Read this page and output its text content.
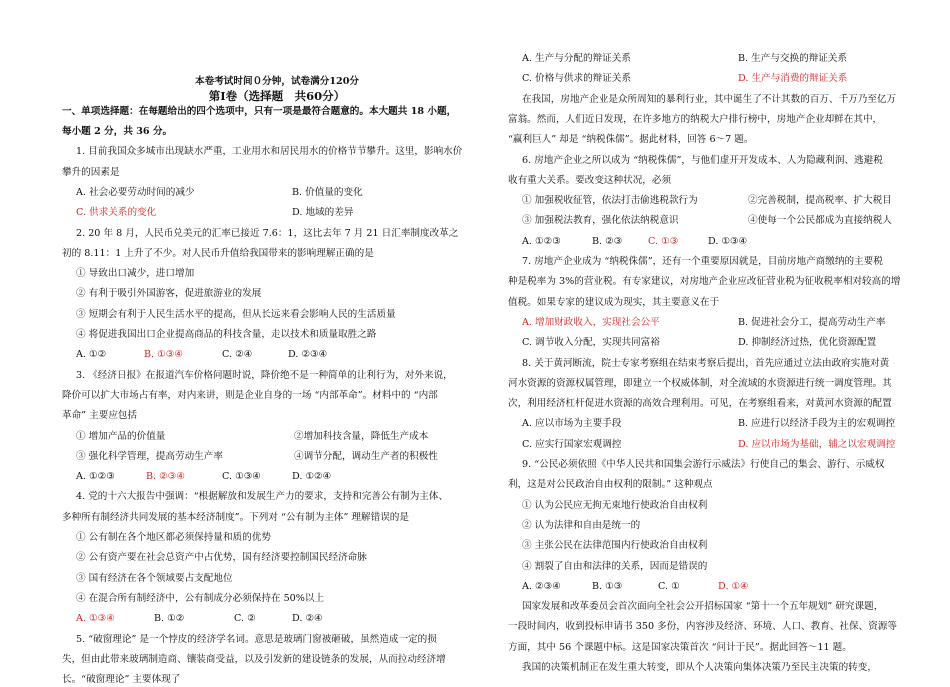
本卷考试时间０分钟，试卷满分120分
第Ⅰ卷（选择题　共60分）
一、单项选择题：在每题给出的四个选项中，只有一项是最符合题意的。本大题共 18 小题，
每小题 2 分，共 36 分。
1. 目前我国众多城市出现缺水严重，工业用水和居民用水的价格节节攀升。这里，影响水价
攀升的因素是
A. 社会必要劳动时间的减少	B. 价值量的变化
C. 供求关系的变化	D. 地域的差异
2. 20 年 8 月，人民币兑美元的汇率已接近 7.6：1，这比去年 7 月 21 日汇率制度改革之
初的 8.11：1 上升了不少。对人民币升值给我国带来的影响理解正确的是
① 导致出口减少，进口增加
② 有利于吸引外国游客，促进旅游业的发展
③ 短期会有利于人民生活水平的提高，但从长远来看会影响人民的生活质量
④ 将促进我国出口企业提高商品的科技含量，走以技术和质量取胜之路
A. ①②	B. ①③④	C. ②④	D. ②③④
3. 《经济日报》在报道汽车价格问题时说，降价绝不是一种简单的让利行为，对外来说，
降价可以扩大市场占有率，对内来讲，则是企业自身的一场 “内部革命”。材料中的 “内部
革命” 主要应包括
① 增加产品的价值量	②增加科技含量，降低生产成本
③ 强化科学管理，提高劳动生产率	④调节分配，调动生产者的积极性
A. ①②③	B. ②③④	C. ①③④	D. ①②④
4. 党的十六大报告中强调：“根据解放和发展生产力的要求，支持和完善公有制为主体、
多种所有制经济共同发展的基本经济制度”。下列对 “公有制为主体” 理解错误的是
① 公有制在各个地区都必须保持量和质的优势
② 公有资产要在社会总资产中占优势，国有经济要控制国民经济命脉
③ 国有经济在各个领域要占支配地位
④ 在混合所有制经济中，公有制成分必须保持在 50%以上
A. ①③④	B. ①②	C. ②	D. ②④
5. “破窗理论” 是一个悖皮的经济学名词。意思是玻璃门窗被砸破，虽然造成一定的损
失，但由此带来玻璃制造商、镶装商受益，以及引发新的建设链条的发展，从而拉动经济增
长。“破窗理论” 主要体现了
A. 生产与分配的辩证关系	B. 生产与交换的辩证关系
C. 价格与供求的辩证关系	D. 生产与消费的辩证关系
在我国，房地产企业是众所周知的暴利行业，其中诞生了不计其数的百万、千万乃至亿万
富翁。然而，人们近日发现，在许多地方的纳税大户排行榜中，房地产企业却鲜在其中，
“赢利巨人” 却是 “纳税侏儒”。据此材料，回答 6～7 题。
6. 房地产企业之所以成为 “纳税侏儒”，与他们虚开开发成本、人为隐藏利润、逃避税
收有重大关系。要改变这种状况，必须
① 加强税收征管，依法打击偷逃税款行为	②完善税制，提高税率、扩大税目
③ 加强税法教育，强化依法纳税意识	④使每一个公民都成为直接纳税人
A. ①②③	B. ②③	C. ①③	D. ①③④
7. 房地产企业成为 “纳税侏儒”，还有一个重要原因就是，目前房地产商缴纳的主要税
种是税率为 3%的营业税。有专家建议，对房地产企业应改征营业税为征收税率相对较高的增
值税。如果专家的建议成为现实，其主要意义在于
A. 增加财政收入，实现社会公平	B. 促进社会分工，提高劳动生产率
C. 调节收入分配，实现共同富裕	D. 抑制经济过热，优化资源配置
8. 关于黄河断流，院士专家考察组在结束考察后提出，首先应通过立法由政府实施对黄
河水资源的资源权属管理，即建立一个权威体制，对全流域的水资源进行统一调度管理。其
次，利用经济杠杆促进水资源的高效合理利用。可见，在考察组看来，对黄河水资源的配置
A. 应以市场为主要手段	B. 应进行以经济手段为主的宏观调控
C. 应实行国家宏观调控	D. 应以市场为基础，辅之以宏观调控
9. “公民必须依照《中华人民共和国集会游行示威法》行使自己的集会、游行、示威权
利，这是对公民政治自由权利的限制。” 这种观点
① 认为公民应无拘无束地行使政治自由权利
② 认为法律和自由是统一的
③ 主张公民在法律范围内行使政治自由权利
④ 割裂了自由和法律的关系，因而是错误的
A. ②③④	B. ①③	C. ①	D. ①④
国家发展和改革委员会首次面向全社会公开招标国家 “第十一个五年规划” 研究课题，
一段时间内，收到投标申请书 350 多份，内容涉及经济、环境、人口、教育、社保、资源等
方面，其中 56 个课题中标。这是国家决策首次 “问计于民”。据此回答～11 题。
我国的决策机制正在发生重大转变，即从个人决策向集体决策乃至民主决策的转变，
